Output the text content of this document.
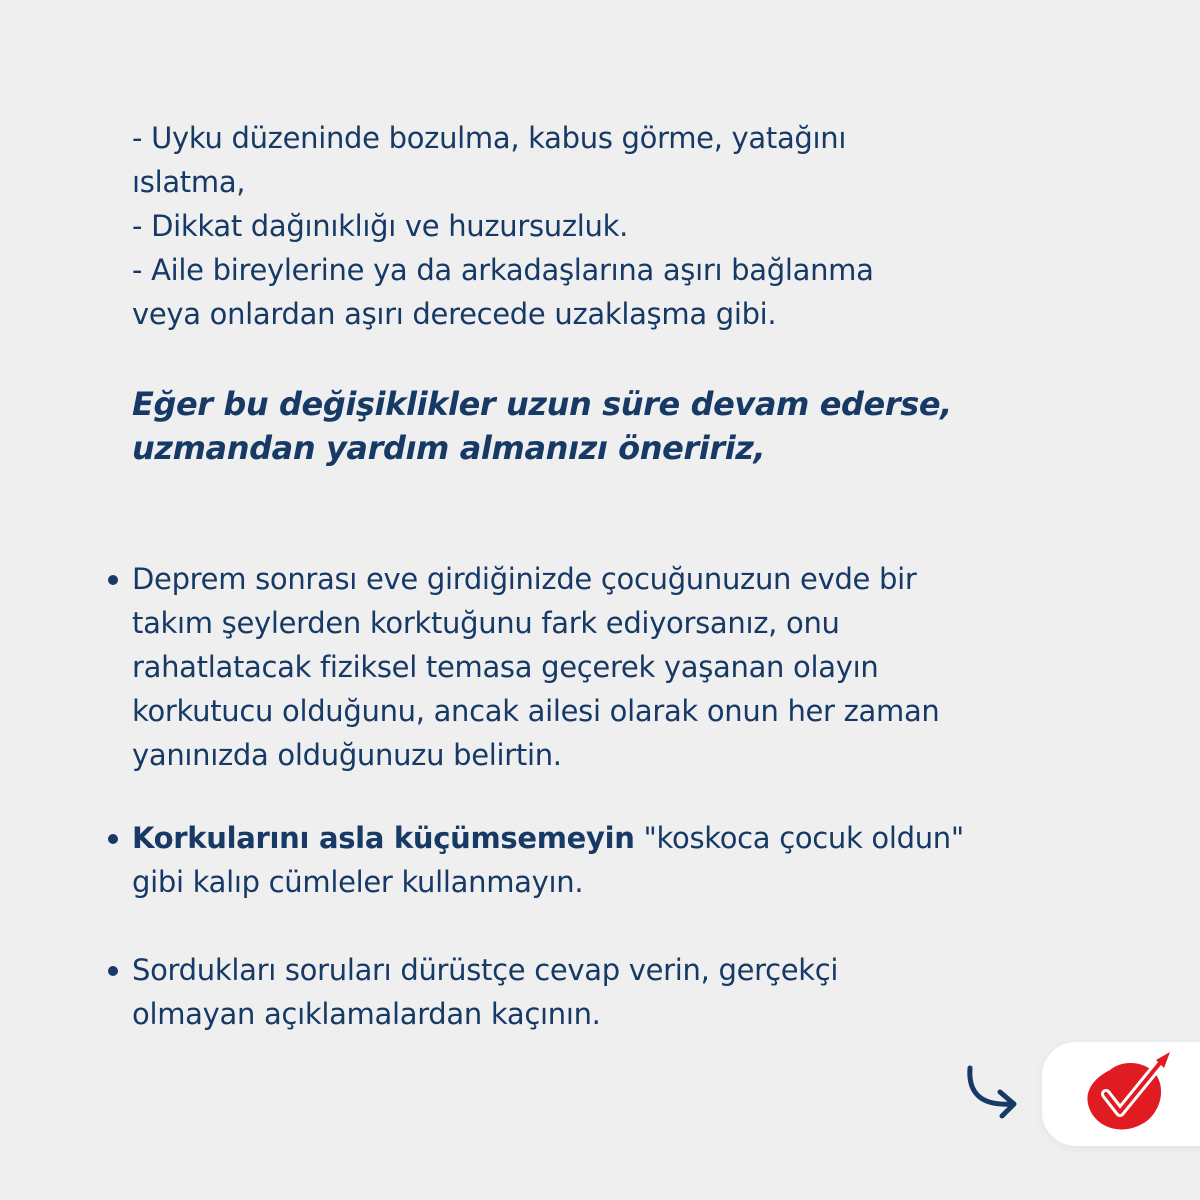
- Uyku düzeninde bozulma, kabus görme, yatağını
ıslatma,
- Dikkat dağınıklığı ve huzursuzluk.
- Aile bireylerine ya da arkadaşlarına aşırı bağlanma
veya onlardan aşırı derecede uzaklaşma gibi.
Eğer bu değişiklikler uzun süre devam ederse,
uzmandan yardım almanızı öneririz,
Deprem sonrası eve girdiğinizde çocuğunuzun evde bir
takım şeylerden korktuğunu fark ediyorsanız, onu
rahatlatacak fiziksel temasa geçerek yaşanan olayın
korkutucu olduğunu, ancak ailesi olarak onun her zaman
yanınızda olduğunuzu belirtin.
Korkularını asla küçümsemeyin "koskoca çocuk oldun"
gibi kalıp cümleler kullanmayın.
Sordukları soruları dürüstçe cevap verin, gerçekçi
olmayan açıklamalardan kaçının.
